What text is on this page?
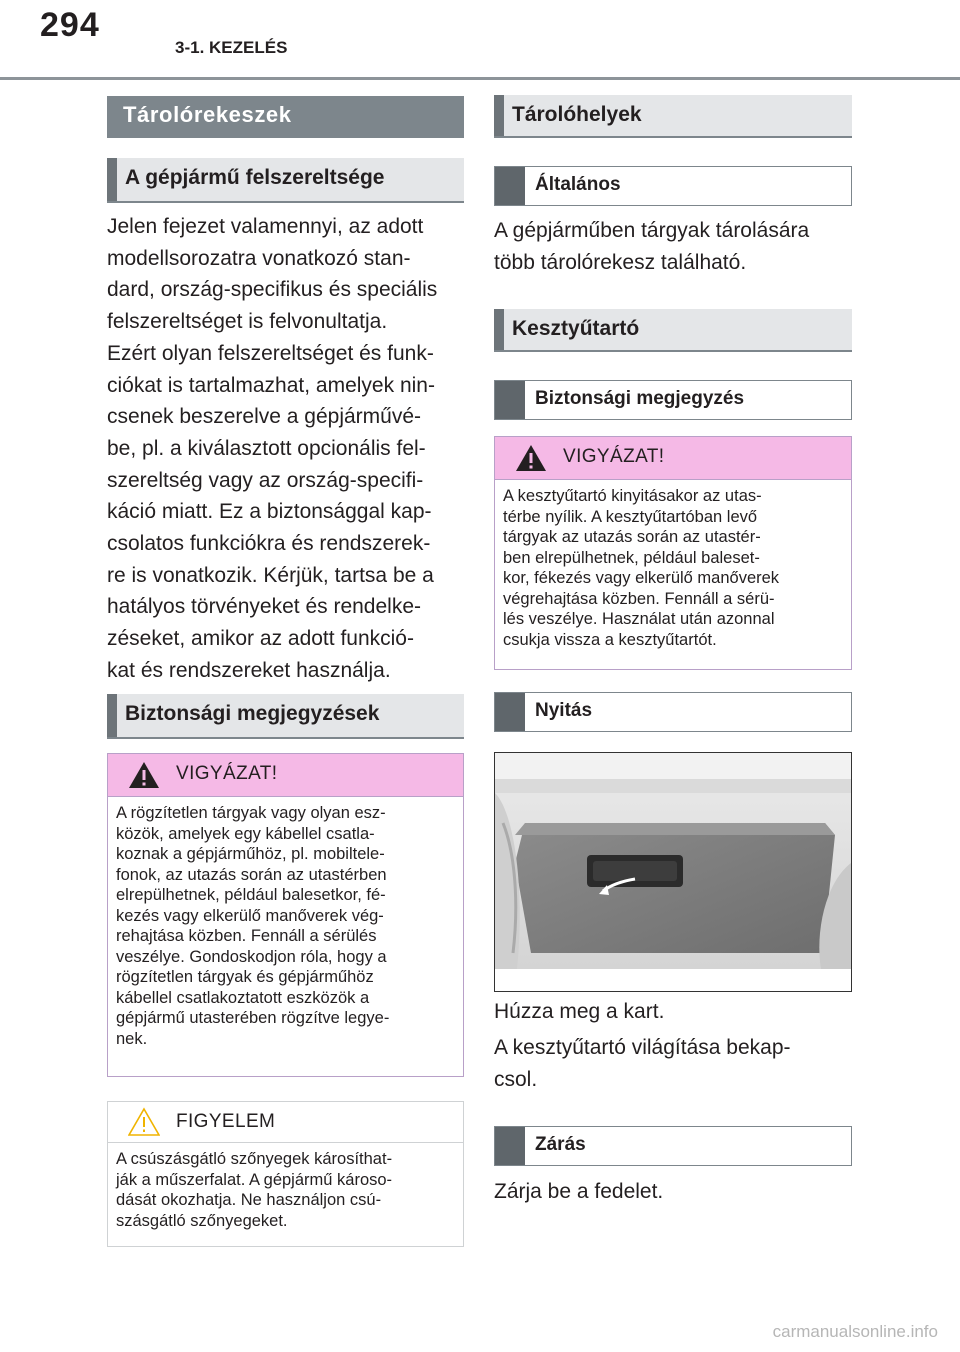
294
3-1. KEZELÉS
Tárolórekeszek
A gépjármű felszereltsége

Jelen fejezet valamennyi, az adott

modellsorozatra vonatkozó stan-

dard, ország-specifikus és speciális

felszereltséget is felvonultatja.

Ezért olyan felszereltséget és funk-

ciókat is tartalmazhat, amelyek nin-

csenek beszerelve a gépjárművé-

be, pl. a kiválasztott opcionális fel-

szereltség vagy az ország-specifi-

káció miatt. Ez a biztonsággal kap-

csolatos funkciókra és rendszerek-

re is vonatkozik. Kérjük, tartsa be a

hatályos törvényeket és rendelke-

zéseket, amikor az adott funkció-

kat és rendszereket használja.

Biztonsági megjegyzések
VIGYÁZAT!
A rögzítetlen tárgyak vagy olyan esz-
közök, amelyek egy kábellel csatla-
koznak a gépjárműhöz, pl. mobiltele-
fonok, az utazás során az utastérben
elrepülhetnek, például balesetkor, fé-
kezés vagy elkerülő manőverek vég-
rehajtása közben. Fennáll a sérülés
veszélye. Gondoskodjon róla, hogy a
rögzítetlen tárgyak és gépjárműhöz
kábellel csatlakoztatott eszközök a
gépjármű utasterében rögzítve legye-
nek.
FIGYELEM
A csúszásgátló szőnyegek károsíthat-
ják a műszerfalat. A gépjármű károso-
dását okozhatja. Ne használjon csú-
szásgátló szőnyegeket.
Tárolóhelyek
Általános

A gépjárműben tárgyak tárolására

több tárolórekesz található.

Kesztyűtartó
Biztonsági megjegyzés
VIGYÁZAT!
A kesztyűtartó kinyitásakor az utas-
térbe nyílik. A kesztyűtartóban levő
tárgyak az utazás során az utastér-
ben elrepülhetnek, például baleset-
kor, fékezés vagy elkerülő manőverek
végrehajtása közben. Fennáll a sérü-
lés veszélye. Használat után azonnal
csukja vissza a kesztyűtartót.
Nyitás

Húzza meg a kart.

A kesztyűtartó világítása bekap-

csol.

Zárás
Zárja be a fedelet.
carmanualsonline.info
